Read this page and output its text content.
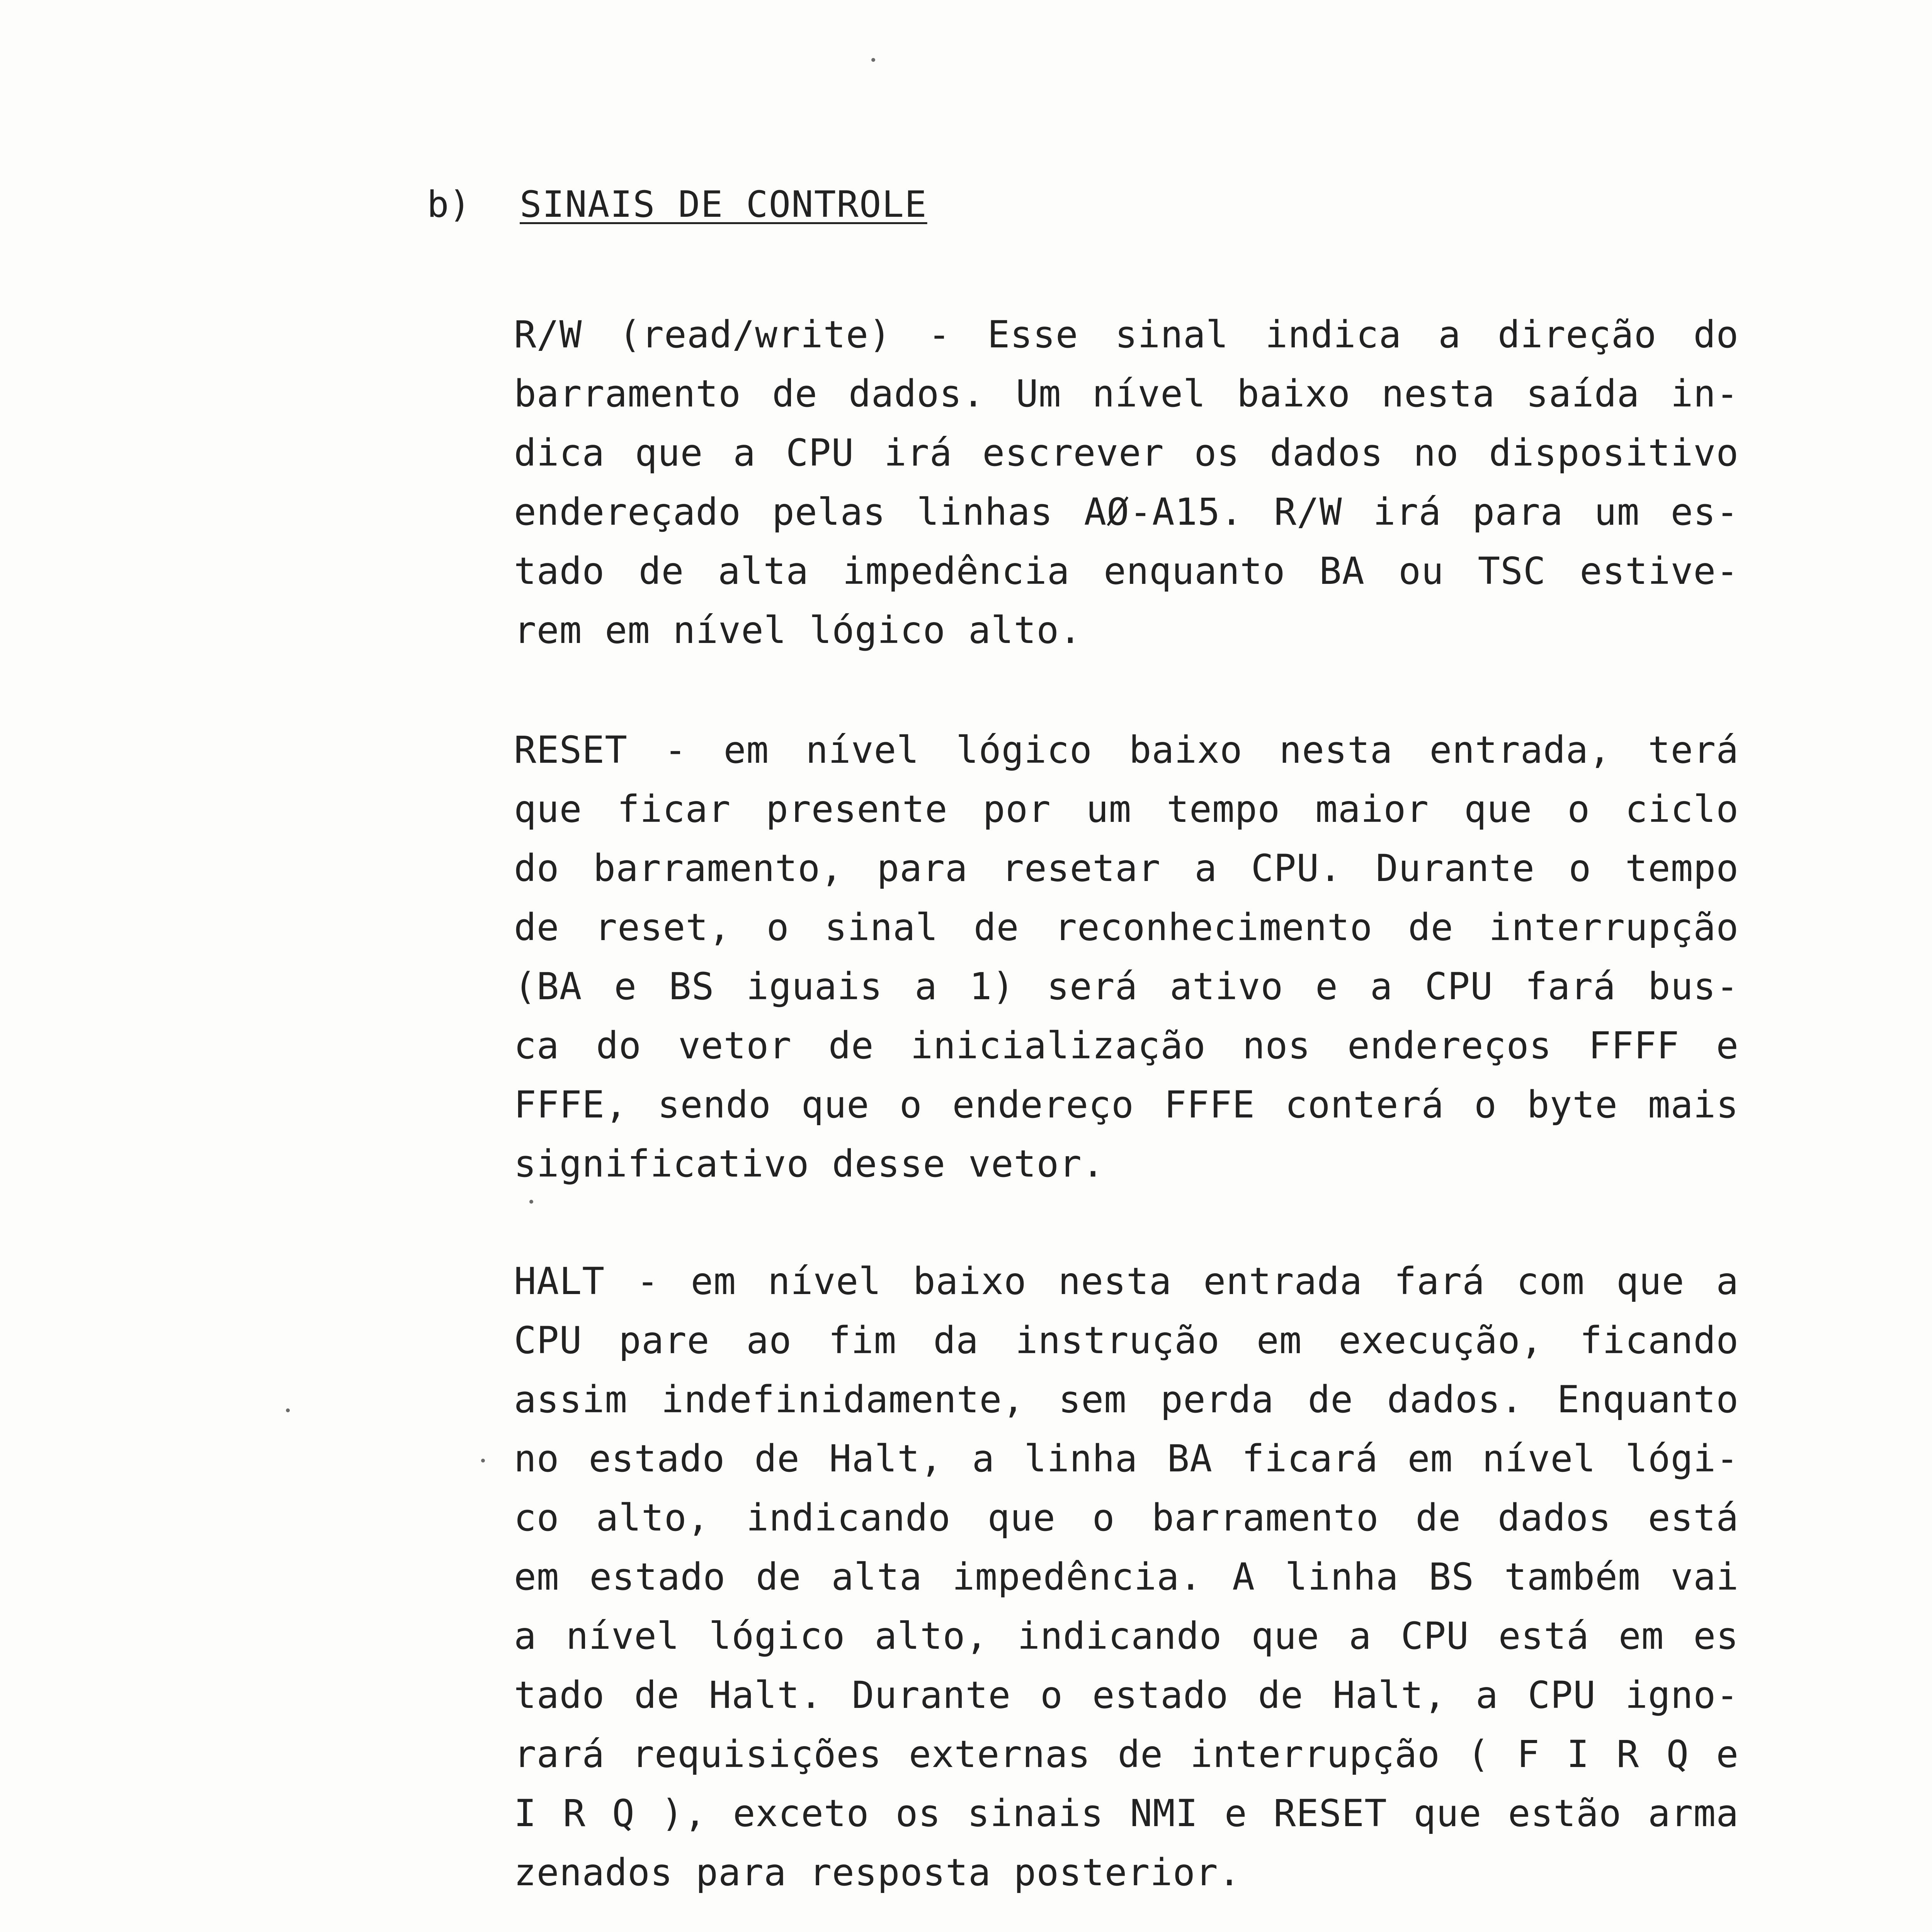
b) SINAIS DE CONTROLE
R/W (read/write) - Esse sinal indica a direção do
barramento de dados. Um nível baixo nesta saída in-
dica que a CPU irá escrever os dados no dispositivo
endereçado pelas linhas AØ-A15. R/W irá para um es-
tado de alta impedência enquanto BA ou TSC estive-
rem em nível lógico alto.
RESET - em nível lógico baixo nesta entrada, terá
que ficar presente por um tempo maior que o ciclo
do barramento, para resetar a CPU. Durante o tempo
de reset, o sinal de reconhecimento de interrupção
(BA e BS iguais a 1) será ativo e a CPU fará bus-
ca do vetor de inicialização nos endereços FFFF e
FFFE, sendo que o endereço FFFE conterá o byte mais
significativo desse vetor.
HALT - em nível baixo nesta entrada fará com que a
CPU pare ao fim da instrução em execução, ficando
assim indefinidamente, sem perda de dados. Enquanto
no estado de Halt, a linha BA ficará em nível lógi-
co alto, indicando que o barramento de dados está
em estado de alta impedência. A linha BS também vai
a nível lógico alto, indicando que a CPU está em es
tado de Halt. Durante o estado de Halt, a CPU igno-
rará requisições externas de interrupção ( F I R Q e
I R Q ), exceto os sinais NMI e RESET que estão arma
zenados para resposta posterior.
